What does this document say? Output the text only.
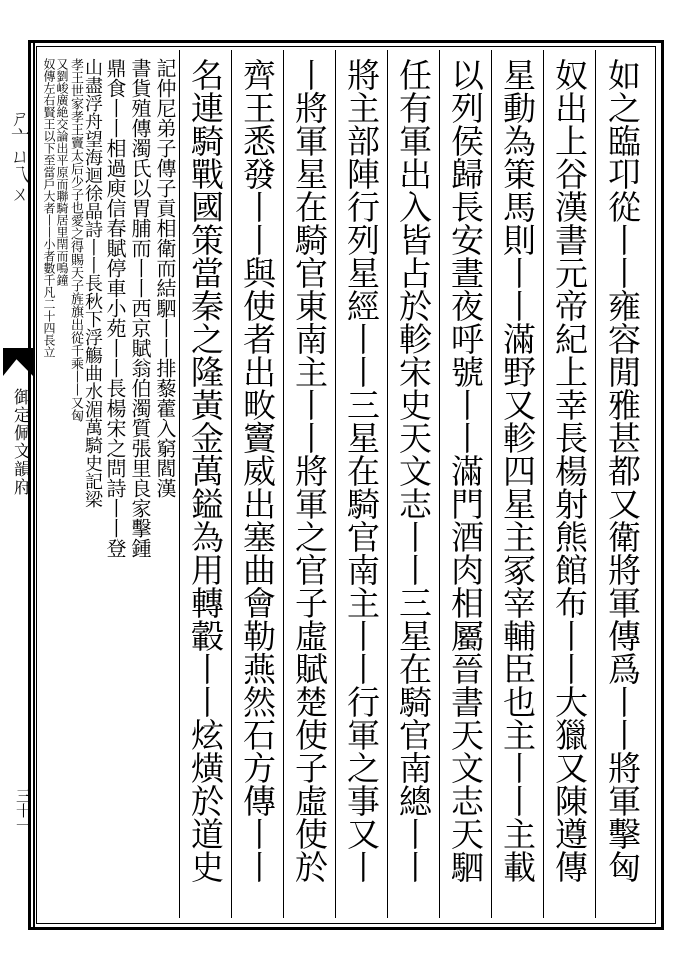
ㄕ亠ㄩ乁ㄨ
御定佩文韻府
三十一	如之臨卭從丨丨雍容閒雅甚都又衛將軍傳爲丨丨將軍擊匈
奴出上谷漢書元帝紀上幸長楊射熊館布丨丨大獵又陳遵傳
星動為䇿馬則丨丨滿野又軫四星主冢宰輔臣也主丨丨主載
以列侯歸長安晝夜呼號丨丨滿門酒肉相屬晉書天文志天駟
任有軍出入皆占於軫宋史天文志丨丨三星在騎官南總丨丨
將主部陣行列星經丨丨三星在騎官南主丨丨行軍之事又丨
丨將軍星在騎官東南主丨丨將軍之官子虛賦楚使子虛使於
齊王悉發丨丨與使者出畋竇威出塞曲會勒燕然石方傳丨丨
名連騎戰國策當秦之隆黃金萬鎰為用轉轂丨丨炫熿於道史
記仲尼弟子傳子貢相衛而結駟丨丨排藜藿入窮閻漢
書貨殖傳濁氏以胃脯而丨丨西京賦翁伯濁質張里良家擊鍾
鼎食丨丨相過庾信春賦停車小苑丨丨長楊宋之問詩丨丨登
山盡浮舟望海迴徐晶詩丨丨長秋下浮觴曲水湄萬騎史記梁
孝王世家孝王竇太后少子也愛之得賜天子旌旗出從千乘丨丨又匈
又劉峻廣絶交論出平原而聯騎居里閈而鳴鐘
奴傳左右賢王以下至當戶大者丨丨小者數千凡二十四長立
